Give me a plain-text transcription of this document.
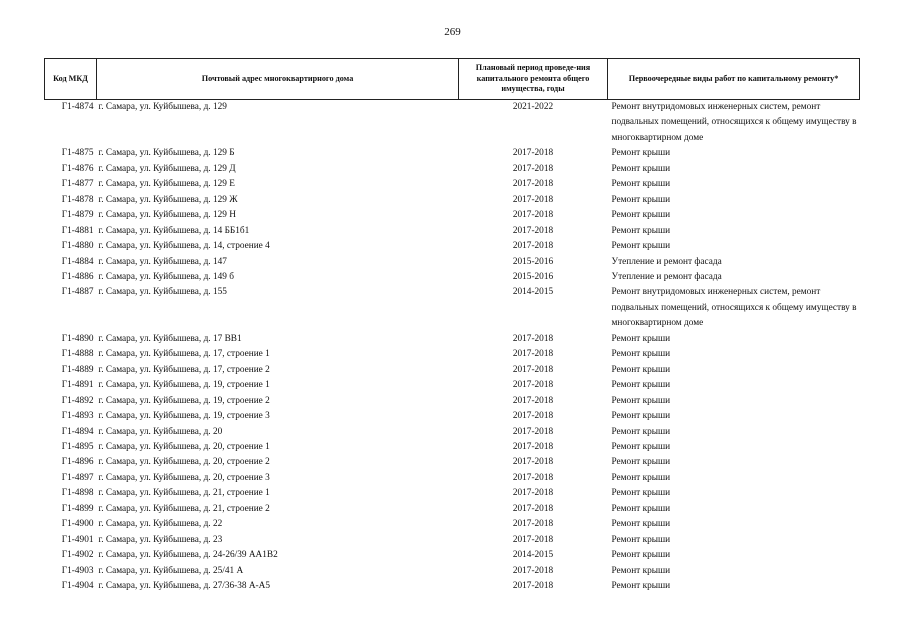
269
Код МКД	Почтовый адрес многоквартирного дома	Плановый период проведе-ния капитального ремонта общего имущества, годы	Первоочередные виды работ по капитальному ремонту*
Г1-4874	г. Самара, ул. Куйбышева, д. 129	2021-2022	Ремонт внутридомовых инженерных систем, ремонт подвальных помещений, относящихся к общему имуществу в многоквартирном доме
Г1-4875	г. Самара, ул. Куйбышева, д. 129 Б	2017-2018	Ремонт крыши
Г1-4876	г. Самара, ул. Куйбышева, д. 129 Д	2017-2018	Ремонт крыши
Г1-4877	г. Самара, ул. Куйбышева, д. 129 Е	2017-2018	Ремонт крыши
Г1-4878	г. Самара, ул. Куйбышева, д. 129 Ж	2017-2018	Ремонт крыши
Г1-4879	г. Самара, ул. Куйбышева, д. 129 Н	2017-2018	Ремонт крыши
Г1-4881	г. Самара, ул. Куйбышева, д. 14 ББ1б1	2017-2018	Ремонт крыши
Г1-4880	г. Самара, ул. Куйбышева, д. 14, строение 4	2017-2018	Ремонт крыши
Г1-4884	г. Самара, ул. Куйбышева, д. 147	2015-2016	Утепление и ремонт фасада
Г1-4886	г. Самара, ул. Куйбышева, д. 149 б	2015-2016	Утепление и ремонт фасада
Г1-4887	г. Самара, ул. Куйбышева, д. 155	2014-2015	Ремонт внутридомовых инженерных систем, ремонт подвальных помещений, относящихся к общему имуществу в многоквартирном доме
Г1-4890	г. Самара, ул. Куйбышева, д. 17 ВВ1	2017-2018	Ремонт крыши
Г1-4888	г. Самара, ул. Куйбышева, д. 17, строение 1	2017-2018	Ремонт крыши
Г1-4889	г. Самара, ул. Куйбышева, д. 17, строение 2	2017-2018	Ремонт крыши
Г1-4891	г. Самара, ул. Куйбышева, д. 19, строение 1	2017-2018	Ремонт крыши
Г1-4892	г. Самара, ул. Куйбышева, д. 19, строение 2	2017-2018	Ремонт крыши
Г1-4893	г. Самара, ул. Куйбышева, д. 19, строение 3	2017-2018	Ремонт крыши
Г1-4894	г. Самара, ул. Куйбышева, д. 20	2017-2018	Ремонт крыши
Г1-4895	г. Самара, ул. Куйбышева, д. 20, строение 1	2017-2018	Ремонт крыши
Г1-4896	г. Самара, ул. Куйбышева, д. 20, строение 2	2017-2018	Ремонт крыши
Г1-4897	г. Самара, ул. Куйбышева, д. 20, строение 3	2017-2018	Ремонт крыши
Г1-4898	г. Самара, ул. Куйбышева, д. 21, строение 1	2017-2018	Ремонт крыши
Г1-4899	г. Самара, ул. Куйбышева, д. 21, строение 2	2017-2018	Ремонт крыши
Г1-4900	г. Самара, ул. Куйбышева, д. 22	2017-2018	Ремонт крыши
Г1-4901	г. Самара, ул. Куйбышева, д. 23	2017-2018	Ремонт крыши
Г1-4902	г. Самара, ул. Куйбышева, д. 24-26/39 АА1В2	2014-2015	Ремонт крыши
Г1-4903	г. Самара, ул. Куйбышева, д. 25/41 А	2017-2018	Ремонт крыши
Г1-4904	г. Самара, ул. Куйбышева, д. 27/36-38 А-А5	2017-2018	Ремонт крыши
